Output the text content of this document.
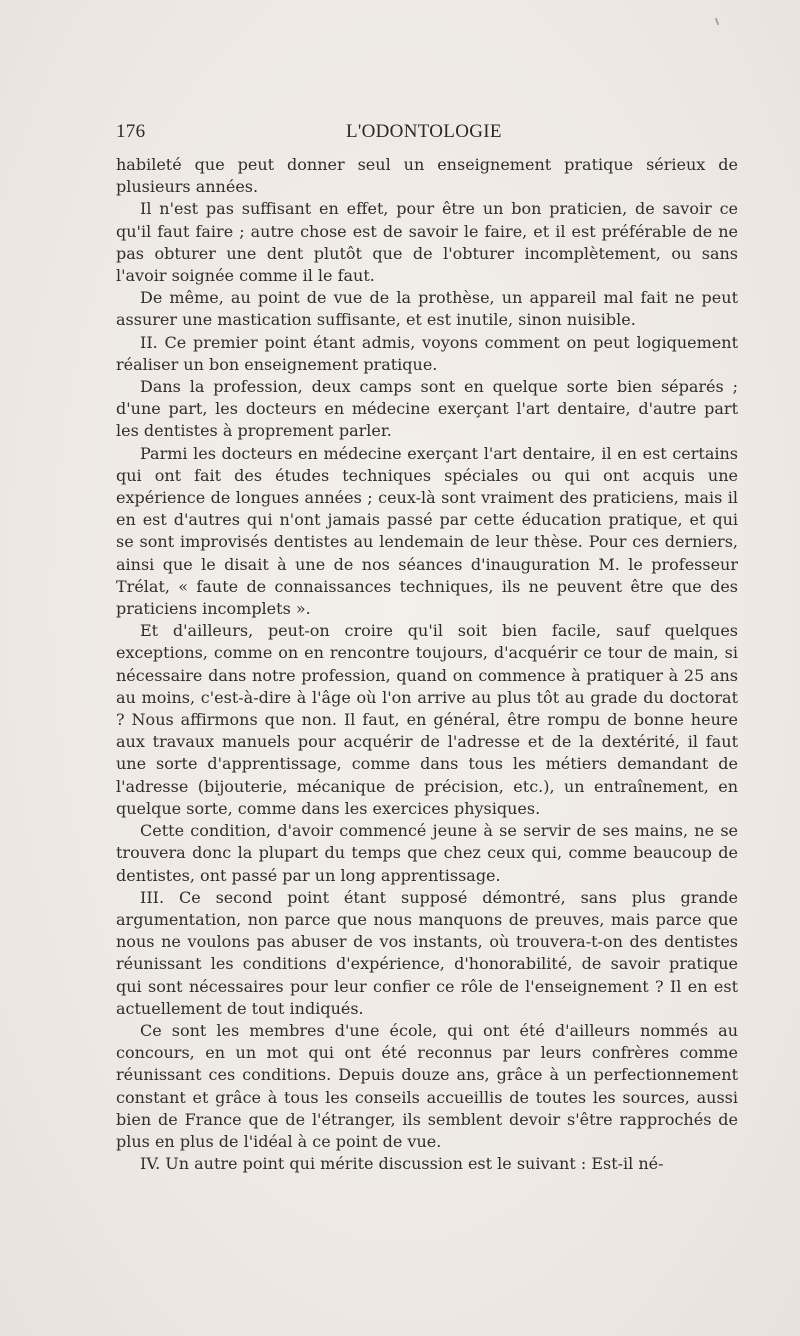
176	L'ODONTOLOGIE

habileté que peut donner seul un enseignement pratique sérieux de plusieurs années.

Il n'est pas suffisant en effet, pour être un bon praticien, de savoir ce qu'il faut faire ; autre chose est de savoir le faire, et il est préférable de ne pas obturer une dent plutôt que de l'obturer incomplètement, ou sans l'avoir soignée comme il le faut.

De même, au point de vue de la prothèse, un appareil mal fait ne peut assurer une mastication suffisante, et est inutile, sinon nuisible.

II. Ce premier point étant admis, voyons comment on peut logiquement réaliser un bon enseignement pratique.

Dans la profession, deux camps sont en quelque sorte bien séparés ; d'une part, les docteurs en médecine exerçant l'art dentaire, d'autre part les dentistes à proprement parler.

Parmi les docteurs en médecine exerçant l'art dentaire, il en est certains qui ont fait des études techniques spéciales ou qui ont acquis une expérience de longues années ; ceux-là sont vraiment des praticiens, mais il en est d'autres qui n'ont jamais passé par cette éducation pratique, et qui se sont improvisés dentistes au lendemain de leur thèse. Pour ces derniers, ainsi que le disait à une de nos séances d'inauguration M. le professeur Trélat, « faute de connaissances techniques, ils ne peuvent être que des praticiens incomplets ».

Et d'ailleurs, peut-on croire qu'il soit bien facile, sauf quelques exceptions, comme on en rencontre toujours, d'acquérir ce tour de main, si nécessaire dans notre profession, quand on commence à pratiquer à 25 ans au moins, c'est-à-dire à l'âge où l'on arrive au plus tôt au grade du doctorat ? Nous affirmons que non. Il faut, en général, être rompu de bonne heure aux travaux manuels pour acquérir de l'adresse et de la dextérité, il faut une sorte d'apprentissage, comme dans tous les métiers demandant de l'adresse (bijouterie, mécanique de précision, etc.), un entraînement, en quelque sorte, comme dans les exercices physiques.

Cette condition, d'avoir commencé jeune à se servir de ses mains, ne se trouvera donc la plupart du temps que chez ceux qui, comme beaucoup de dentistes, ont passé par un long apprentissage.

III. Ce second point étant supposé démontré, sans plus grande argumentation, non parce que nous manquons de preuves, mais parce que nous ne voulons pas abuser de vos instants, où trouvera-t-on des dentistes réunissant les conditions d'expérience, d'honorabilité, de savoir pratique qui sont nécessaires pour leur confier ce rôle de l'enseignement ? Il en est actuellement de tout indiqués.

Ce sont les membres d'une école, qui ont été d'ailleurs nommés au concours, en un mot qui ont été reconnus par leurs confrères comme réunissant ces conditions. Depuis douze ans, grâce à un perfectionnement constant et grâce à tous les conseils accueillis de toutes les sources, aussi bien de France que de l'étranger, ils semblent devoir s'être rapprochés de plus en plus de l'idéal à ce point de vue.

IV. Un autre point qui mérite discussion est le suivant : Est-il né-
